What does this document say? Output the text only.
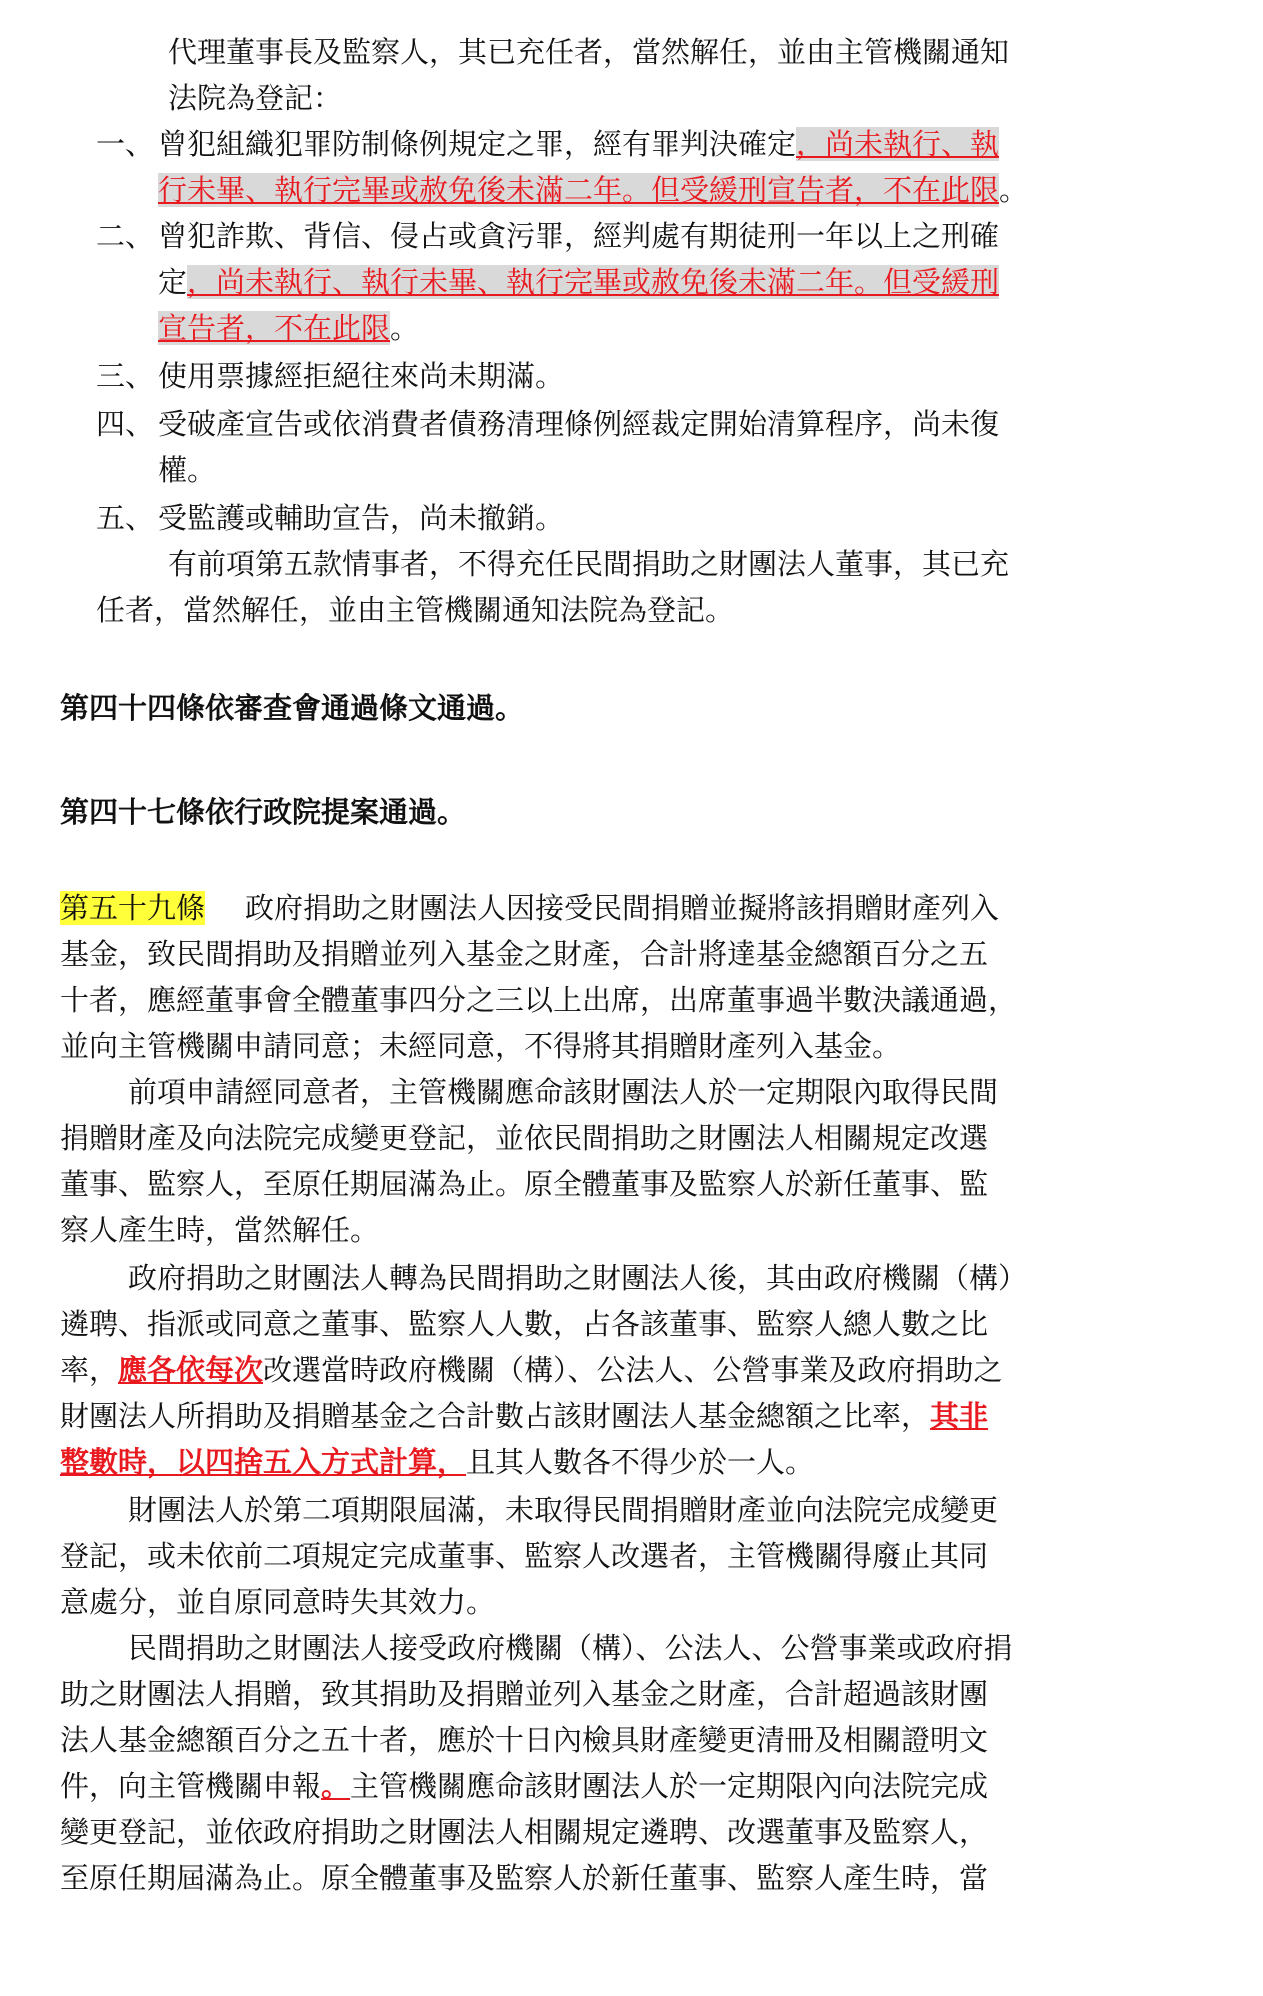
代理董事長及監察人，其已充任者，當然解任，並由主管機關通知
法院為登記：
一、 曾犯組織犯罪防制條例規定之罪，經有罪判決確定，尚未執行、執
行未畢、執行完畢或赦免後未滿二年。但受緩刑宣告者，不在此限。
二、 曾犯詐欺、背信、侵占或貪污罪，經判處有期徒刑一年以上之刑確
定，尚未執行、執行未畢、執行完畢或赦免後未滿二年。但受緩刑
宣告者，不在此限。
三、 使用票據經拒絕往來尚未期滿。
四、 受破產宣告或依消費者債務清理條例經裁定開始清算程序，尚未復
權。
五、 受監護或輔助宣告，尚未撤銷。
有前項第五款情事者，不得充任民間捐助之財團法人董事，其已充
任者，當然解任，並由主管機關通知法院為登記。
第四十四條依審查會通過條文通過。
第四十七條依行政院提案通過。
第五十九條 政府捐助之財團法人因接受民間捐贈並擬將該捐贈財產列入
基金，致民間捐助及捐贈並列入基金之財產，合計將達基金總額百分之五
十者，應經董事會全體董事四分之三以上出席，出席董事過半數決議通過，
並向主管機關申請同意；未經同意，不得將其捐贈財產列入基金。
前項申請經同意者，主管機關應命該財團法人於一定期限內取得民間
捐贈財產及向法院完成變更登記，並依民間捐助之財團法人相關規定改選
董事、監察人，至原任期屆滿為止。原全體董事及監察人於新任董事、監
察人產生時，當然解任。
政府捐助之財團法人轉為民間捐助之財團法人後，其由政府機關（構）
遴聘、指派或同意之董事、監察人人數，占各該董事、監察人總人數之比
率，應各依每次改選當時政府機關（構）、公法人、公營事業及政府捐助之
財團法人所捐助及捐贈基金之合計數占該財團法人基金總額之比率，其非
整數時，以四捨五入方式計算，且其人數各不得少於一人。
財團法人於第二項期限屆滿，未取得民間捐贈財產並向法院完成變更
登記，或未依前二項規定完成董事、監察人改選者，主管機關得廢止其同
意處分，並自原同意時失其效力。
民間捐助之財團法人接受政府機關（構）、公法人、公營事業或政府捐
助之財團法人捐贈，致其捐助及捐贈並列入基金之財產，合計超過該財團
法人基金總額百分之五十者，應於十日內檢具財產變更清冊及相關證明文
件，向主管機關申報。主管機關應命該財團法人於一定期限內向法院完成
變更登記，並依政府捐助之財團法人相關規定遴聘、改選董事及監察人，
至原任期屆滿為止。原全體董事及監察人於新任董事、監察人產生時，當
